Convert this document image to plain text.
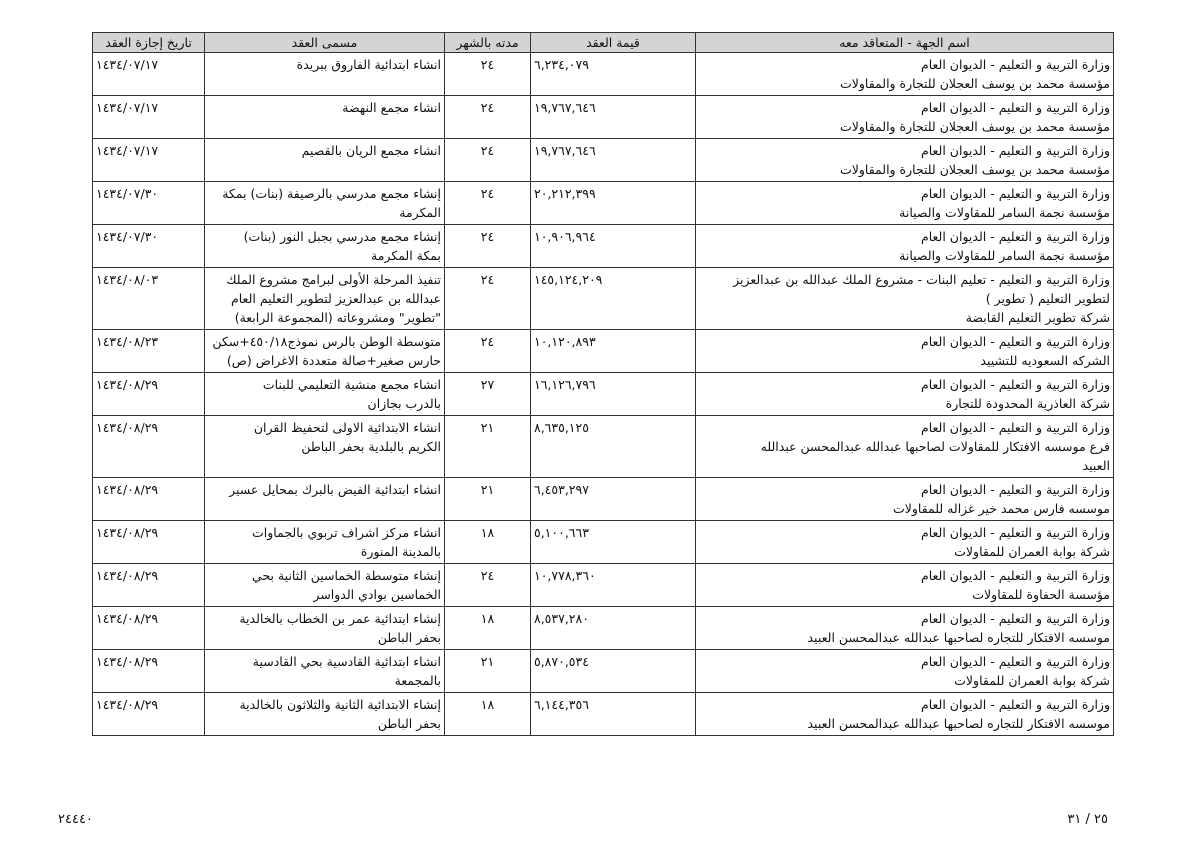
اسم الجهة - المتعاقد معه	قيمة العقد	مدته بالشهر	مسمى العقد	تاريخ إجازة العقد

وزارة التربية و التعليم - الديوان العام
مؤسسة محمد بن يوسف العجلان للتجارة والمقاولات	٦,٢٣٤,٠٧٩	٢٤	انشاء ابتدائية الفاروق ببريدة	١٤٣٤/٠٧/١٧

وزارة التربية و التعليم - الديوان العام
مؤسسة محمد بن يوسف العجلان للتجارة والمقاولات	١٩,٧٦٧,٦٤٦	٢٤	انشاء مجمع النهضة	١٤٣٤/٠٧/١٧

وزارة التربية و التعليم - الديوان العام
مؤسسة محمد بن يوسف العجلان للتجارة والمقاولات	١٩,٧٦٧,٦٤٦	٢٤	انشاء مجمع الريان بالقصيم	١٤٣٤/٠٧/١٧

وزارة التربية و التعليم - الديوان العام
مؤسسة نجمة السامر للمقاولات والصيانة	٢٠,٢١٢,٣٩٩	٢٤	إنشاء مجمع مدرسي بالرصيفة (بنات) بمكة
المكرمة	١٤٣٤/٠٧/٣٠

وزارة التربية و التعليم - الديوان العام
مؤسسة نجمة السامر للمقاولات والصيانة	١٠,٩٠٦,٩٦٤	٢٤	إنشاء مجمع مدرسي بجبل النور (بنات)
بمكة المكرمة	١٤٣٤/٠٧/٣٠

وزارة التربية و التعليم - تعليم البنات - مشروع الملك عبدالله بن عبدالعزيز
لتطوير التعليم ( تطوير )
شركة تطوير التعليم القابضة	١٤٥,١٢٤,٢٠٩	٢٤	تنفيذ المرحلة الأولى لبرامج مشروع الملك
عبدالله بن عبدالعزيز لتطوير التعليم العام
"تطوير" ومشروعاته (المجموعة الرابعة)	١٤٣٤/٠٨/٠٣

وزارة التربية و التعليم - الديوان العام
الشركه السعوديه للتشييد	١٠,١٢٠,٨٩٣	٢٤	متوسطة الوطن بالرس نموذج٤٥٠/١٨+سكن
حارس صغير+صالة متعددة الاغراض (ص)	١٤٣٤/٠٨/٢٣

وزارة التربية و التعليم - الديوان العام
شركة العاذرية المحدودة للتجارة	١٦,١٢٦,٧٩٦	٢٧	انشاء مجمع منشية التعليمي للبنات
بالدرب بجازان	١٤٣٤/٠٨/٢٩

وزارة التربية و التعليم - الديوان العام
فرع موسسه الافتكار للمقاولات لصاحبها عبدالله عبدالمحسن عبدالله
العبيد	٨,٦٣٥,١٢٥	٢١	انشاء الابتدائية الاولى لتحفيظ القران
الكريم بالبلدية بحفر الباطن	١٤٣٤/٠٨/٢٩

وزارة التربية و التعليم - الديوان العام
موسسه فارس محمد خير غزاله للمقاولات	٦,٤٥٣,٢٩٧	٢١	انشاء ابتدائية الفيض بالبرك بمحايل عسير	١٤٣٤/٠٨/٢٩

وزارة التربية و التعليم - الديوان العام
شركة بوابة العمران للمقاولات	٥,١٠٠,٦٦٣	١٨	انشاء مركز اشراف تربوي بالجماوات
بالمدينة المنورة	١٤٣٤/٠٨/٢٩

وزارة التربية و التعليم - الديوان العام
مؤسسة الحفاوة للمقاولات	١٠,٧٧٨,٣٦٠	٢٤	إنشاء متوسطة الخماسين الثانية بحي
الخماسين بوادي الدواسر	١٤٣٤/٠٨/٢٩

وزارة التربية و التعليم - الديوان العام
موسسه الافتكار للتجاره لصاحبها عبدالله عبدالمحسن العبيد	٨,٥٣٧,٢٨٠	١٨	إنشاء ابتدائية عمر بن الخطاب بالخالدية
بحفر الباطن	١٤٣٤/٠٨/٢٩

وزارة التربية و التعليم - الديوان العام
شركة بوابة العمران للمقاولات	٥,٨٧٠,٥٣٤	٢١	انشاء ابتدائية القادسية بحي القادسية
بالمجمعة	١٤٣٤/٠٨/٢٩

وزارة التربية و التعليم - الديوان العام
موسسه الافتكار للتجاره لصاحبها عبدالله عبدالمحسن العبيد	٦,١٤٤,٣٥٦	١٨	إنشاء الابتدائية الثانية والثلاثون بالخالدية
بحفر الباطن	١٤٣٤/٠٨/٢٩
٢٤٤٤٠	٢٥ / ٣١
